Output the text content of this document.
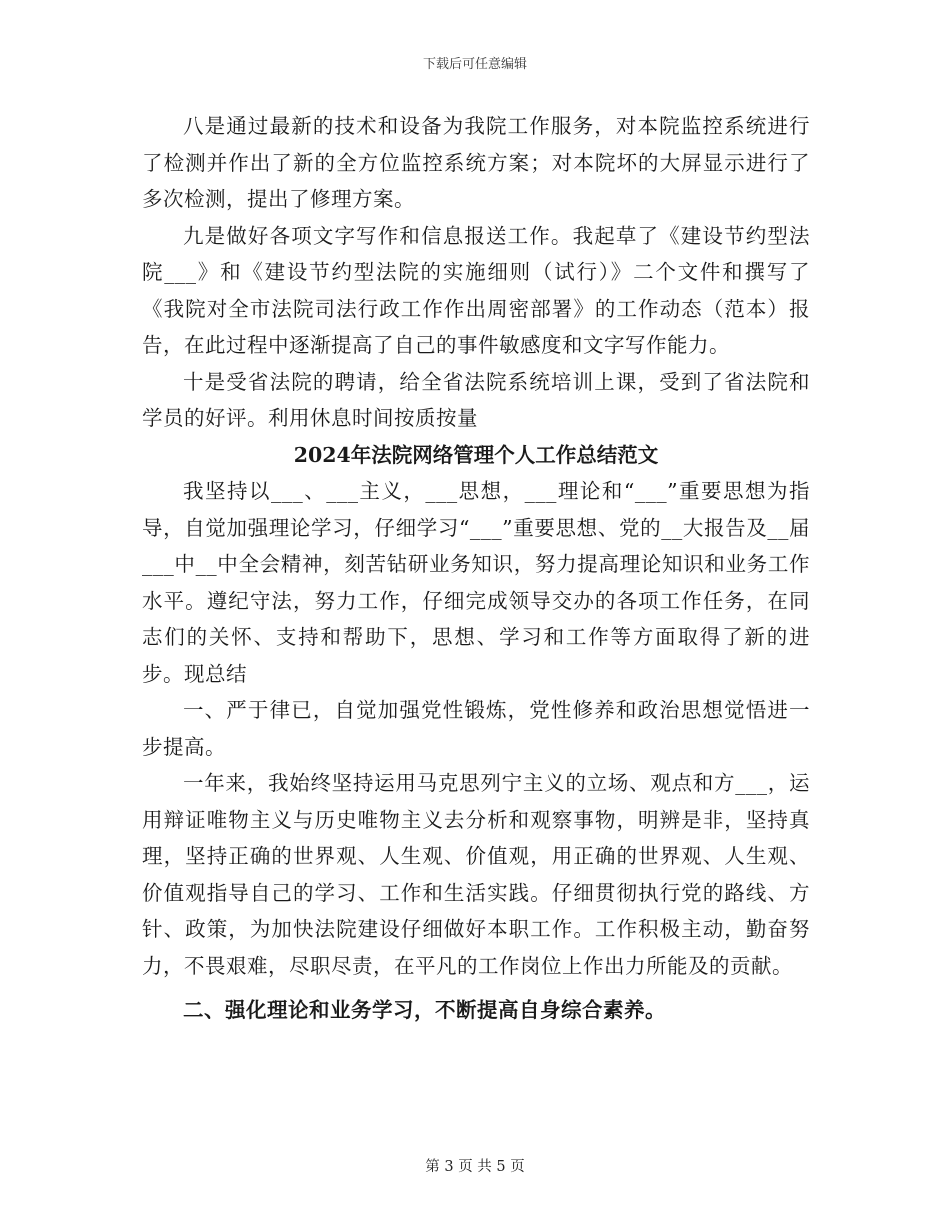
下载后可任意编辑

八是通过最新的技术和设备为我院工作服务，对本院监控系统进行了检测并作出了新的全方位监控系统方案；对本院坏的大屏显示进行了多次检测，提出了修理方案。

九是做好各项文字写作和信息报送工作。我起草了《建设节约型法院___》和《建设节约型法院的实施细则（试行）》二个文件和撰写了《我院对全市法院司法行政工作作出周密部署》的工作动态（范本）报告，在此过程中逐渐提高了自己的事件敏感度和文字写作能力。

十是受省法院的聘请，给全省法院系统培训上课，受到了省法院和学员的好评。利用休息时间按质按量

2024年法院网络管理个人工作总结范文

我坚持以___、___主义，___思想，___理论和“___”重要思想为指导，自觉加强理论学习，仔细学习“___”重要思想、党的__大报告及__届___中__中全会精神，刻苦钻研业务知识，努力提高理论知识和业务工作水平。遵纪守法，努力工作，仔细完成领导交办的各项工作任务，在同志们的关怀、支持和帮助下，思想、学习和工作等方面取得了新的进步。现总结

一、严于律已，自觉加强党性锻炼，党性修养和政治思想觉悟进一步提高。

一年来，我始终坚持运用马克思列宁主义的立场、观点和方___，运用辩证唯物主义与历史唯物主义去分析和观察事物，明辨是非，坚持真理，坚持正确的世界观、人生观、价值观，用正确的世界观、人生观、价值观指导自己的学习、工作和生活实践。仔细贯彻执行党的路线、方针、政策，为加快法院建设仔细做好本职工作。工作积极主动，勤奋努力，不畏艰难，尽职尽责，在平凡的工作岗位上作出力所能及的贡献。

二、强化理论和业务学习，不断提高自身综合素养。

第 3 页 共 5 页
